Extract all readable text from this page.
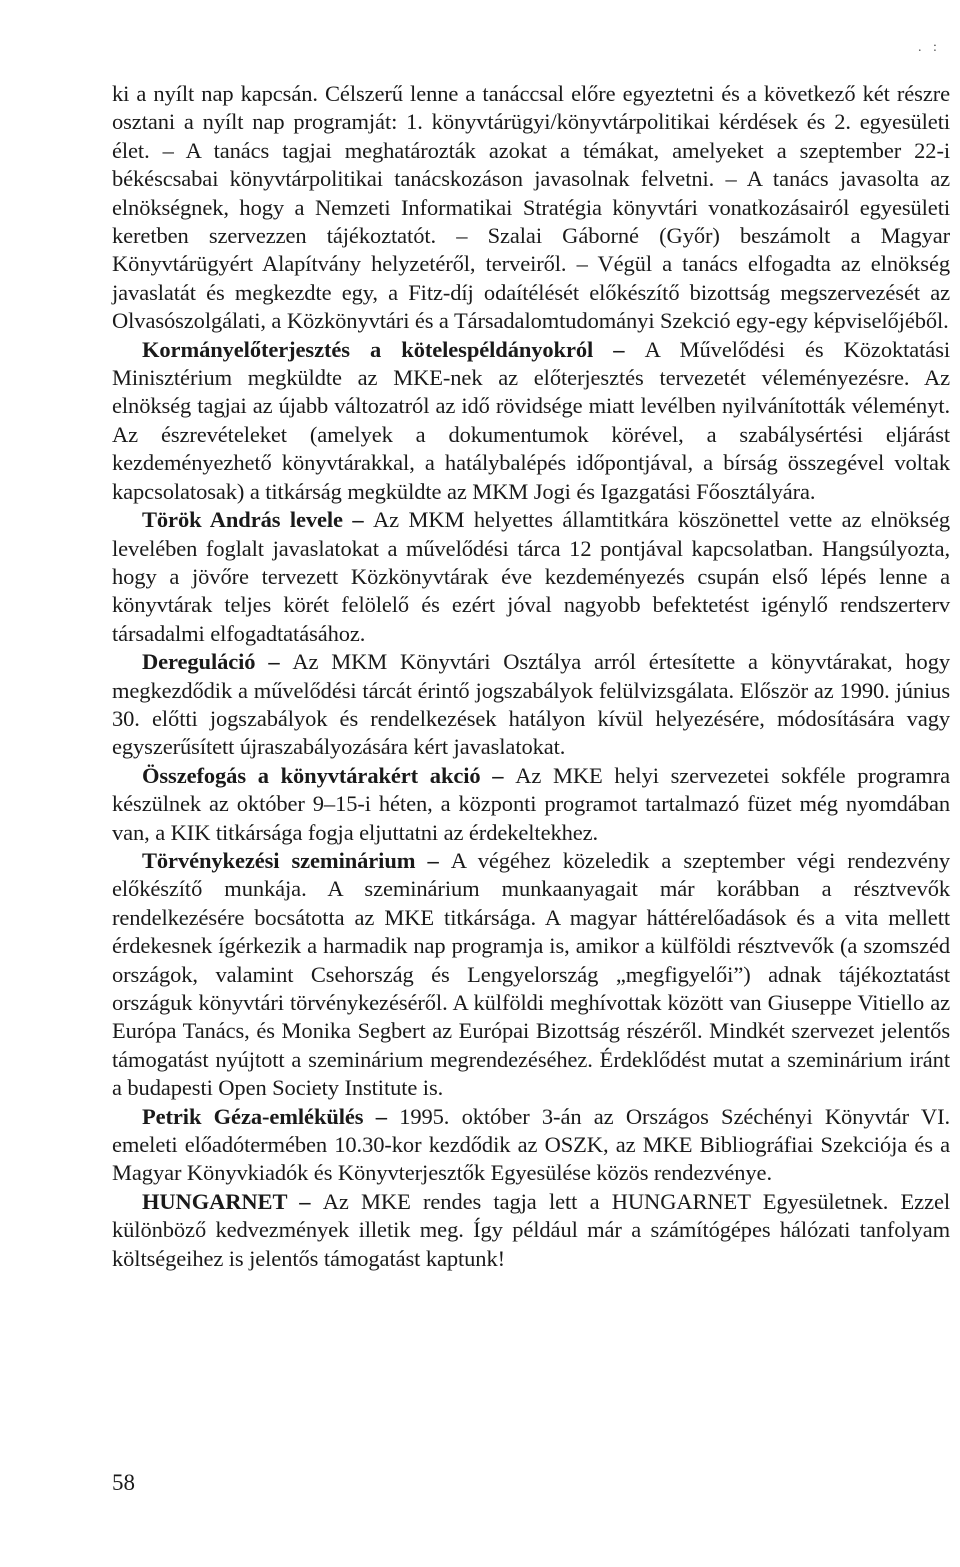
. :

ki a nyílt nap kapcsán. Célszerű lenne a tanáccsal előre egyeztetni és a következő két részre osztani a nyílt nap programját: 1. könyvtárügyi/könyvtárpolitikai kérdések és 2. egyesületi élet. – A tanács tagjai meghatározták azokat a témákat, amelyeket a szeptember 22-i békéscsabai könyvtárpolitikai tanácskozáson javasolnak felvetni. – A tanács javasolta az elnökségnek, hogy a Nemzeti Informatikai Stratégia könyvtári vonatkozásairól egyesületi keretben szervezzen tájékoztatót. – Szalai Gáborné (Győr) beszámolt a Magyar Könyvtárügyért Alapítvány helyzetéről, terveiről. – Végül a tanács elfogadta az elnökség javaslatát és megkezdte egy, a Fitz-díj odaítélését előkészítő bizottság megszervezését az Olvasószolgálati, a Közkönyvtári és a Társadalomtudományi Szekció egy-egy képviselőjéből.

Kormányelőterjesztés a kötelespéldányokról – A Művelődési és Közoktatási Minisztérium megküldte az MKE-nek az előterjesztés tervezetét véleményezésre. Az elnökség tagjai az újabb változatról az idő rövidsége miatt levélben nyilvánították véleményt. Az észrevételeket (amelyek a dokumentumok körével, a szabálysértési eljárást kezdeményezhető könyvtárakkal, a hatálybalépés időpontjával, a bírság összegével voltak kapcsolatosak) a titkárság megküldte az MKM Jogi és Igazgatási Főosztályára.

Török András levele – Az MKM helyettes államtitkára köszönettel vette az elnökség levelében foglalt javaslatokat a művelődési tárca 12 pontjával kapcsolatban. Hangsúlyozta, hogy a jövőre tervezett Közkönyvtárak éve kezdeményezés csupán első lépés lenne a könyvtárak teljes körét felölelő és ezért jóval nagyobb befektetést igénylő rendszerterv társadalmi elfogadtatásához.

Dereguláció – Az MKM Könyvtári Osztálya arról értesítette a könyvtárakat, hogy megkezdődik a művelődési tárcát érintő jogszabályok felülvizsgálata. Először az 1990. június 30. előtti jogszabályok és rendelkezések hatályon kívül helyezésére, módosítására vagy egyszerűsített újraszabályozására kért javaslatokat.

Összefogás a könyvtárakért akció – Az MKE helyi szervezetei sokféle programra készülnek az október 9–15-i héten, a központi programot tartalmazó füzet még nyomdában van, a KIK titkársága fogja eljuttatni az érdekeltekhez.

Törvénykezési szeminárium – A végéhez közeledik a szeptember végi rendezvény előkészítő munkája. A szeminárium munkaanyagait már korábban a résztvevők rendelkezésére bocsátotta az MKE titkársága. A magyar háttérelőadások és a vita mellett érdekesnek ígérkezik a harmadik nap programja is, amikor a külföldi résztvevők (a szomszéd országok, valamint Csehország és Lengyelország „megfigyelői”) adnak tájékoztatást országuk könyvtári törvénykezéséről. A külföldi meghívottak között van Giuseppe Vitiello az Európa Tanács, és Monika Segbert az Európai Bizottság részéről. Mindkét szervezet jelentős támogatást nyújtott a szeminárium megrendezéséhez. Érdeklődést mutat a szeminárium iránt a budapesti Open Society Institute is.

Petrik Géza-emlékülés – 1995. október 3-án az Országos Széchényi Könyvtár VI. emeleti előadótermében 10.30-kor kezdődik az OSZK, az MKE Bibliográfiai Szekciója és a Magyar Könyvkiadók és Könyvterjesztők Egyesülése közös rendezvénye.

HUNGARNET – Az MKE rendes tagja lett a HUNGARNET Egyesületnek. Ezzel különböző kedvezmények illetik meg. Így például már a számítógépes hálózati tanfolyam költségeihez is jelentős támogatást kaptunk!

58
